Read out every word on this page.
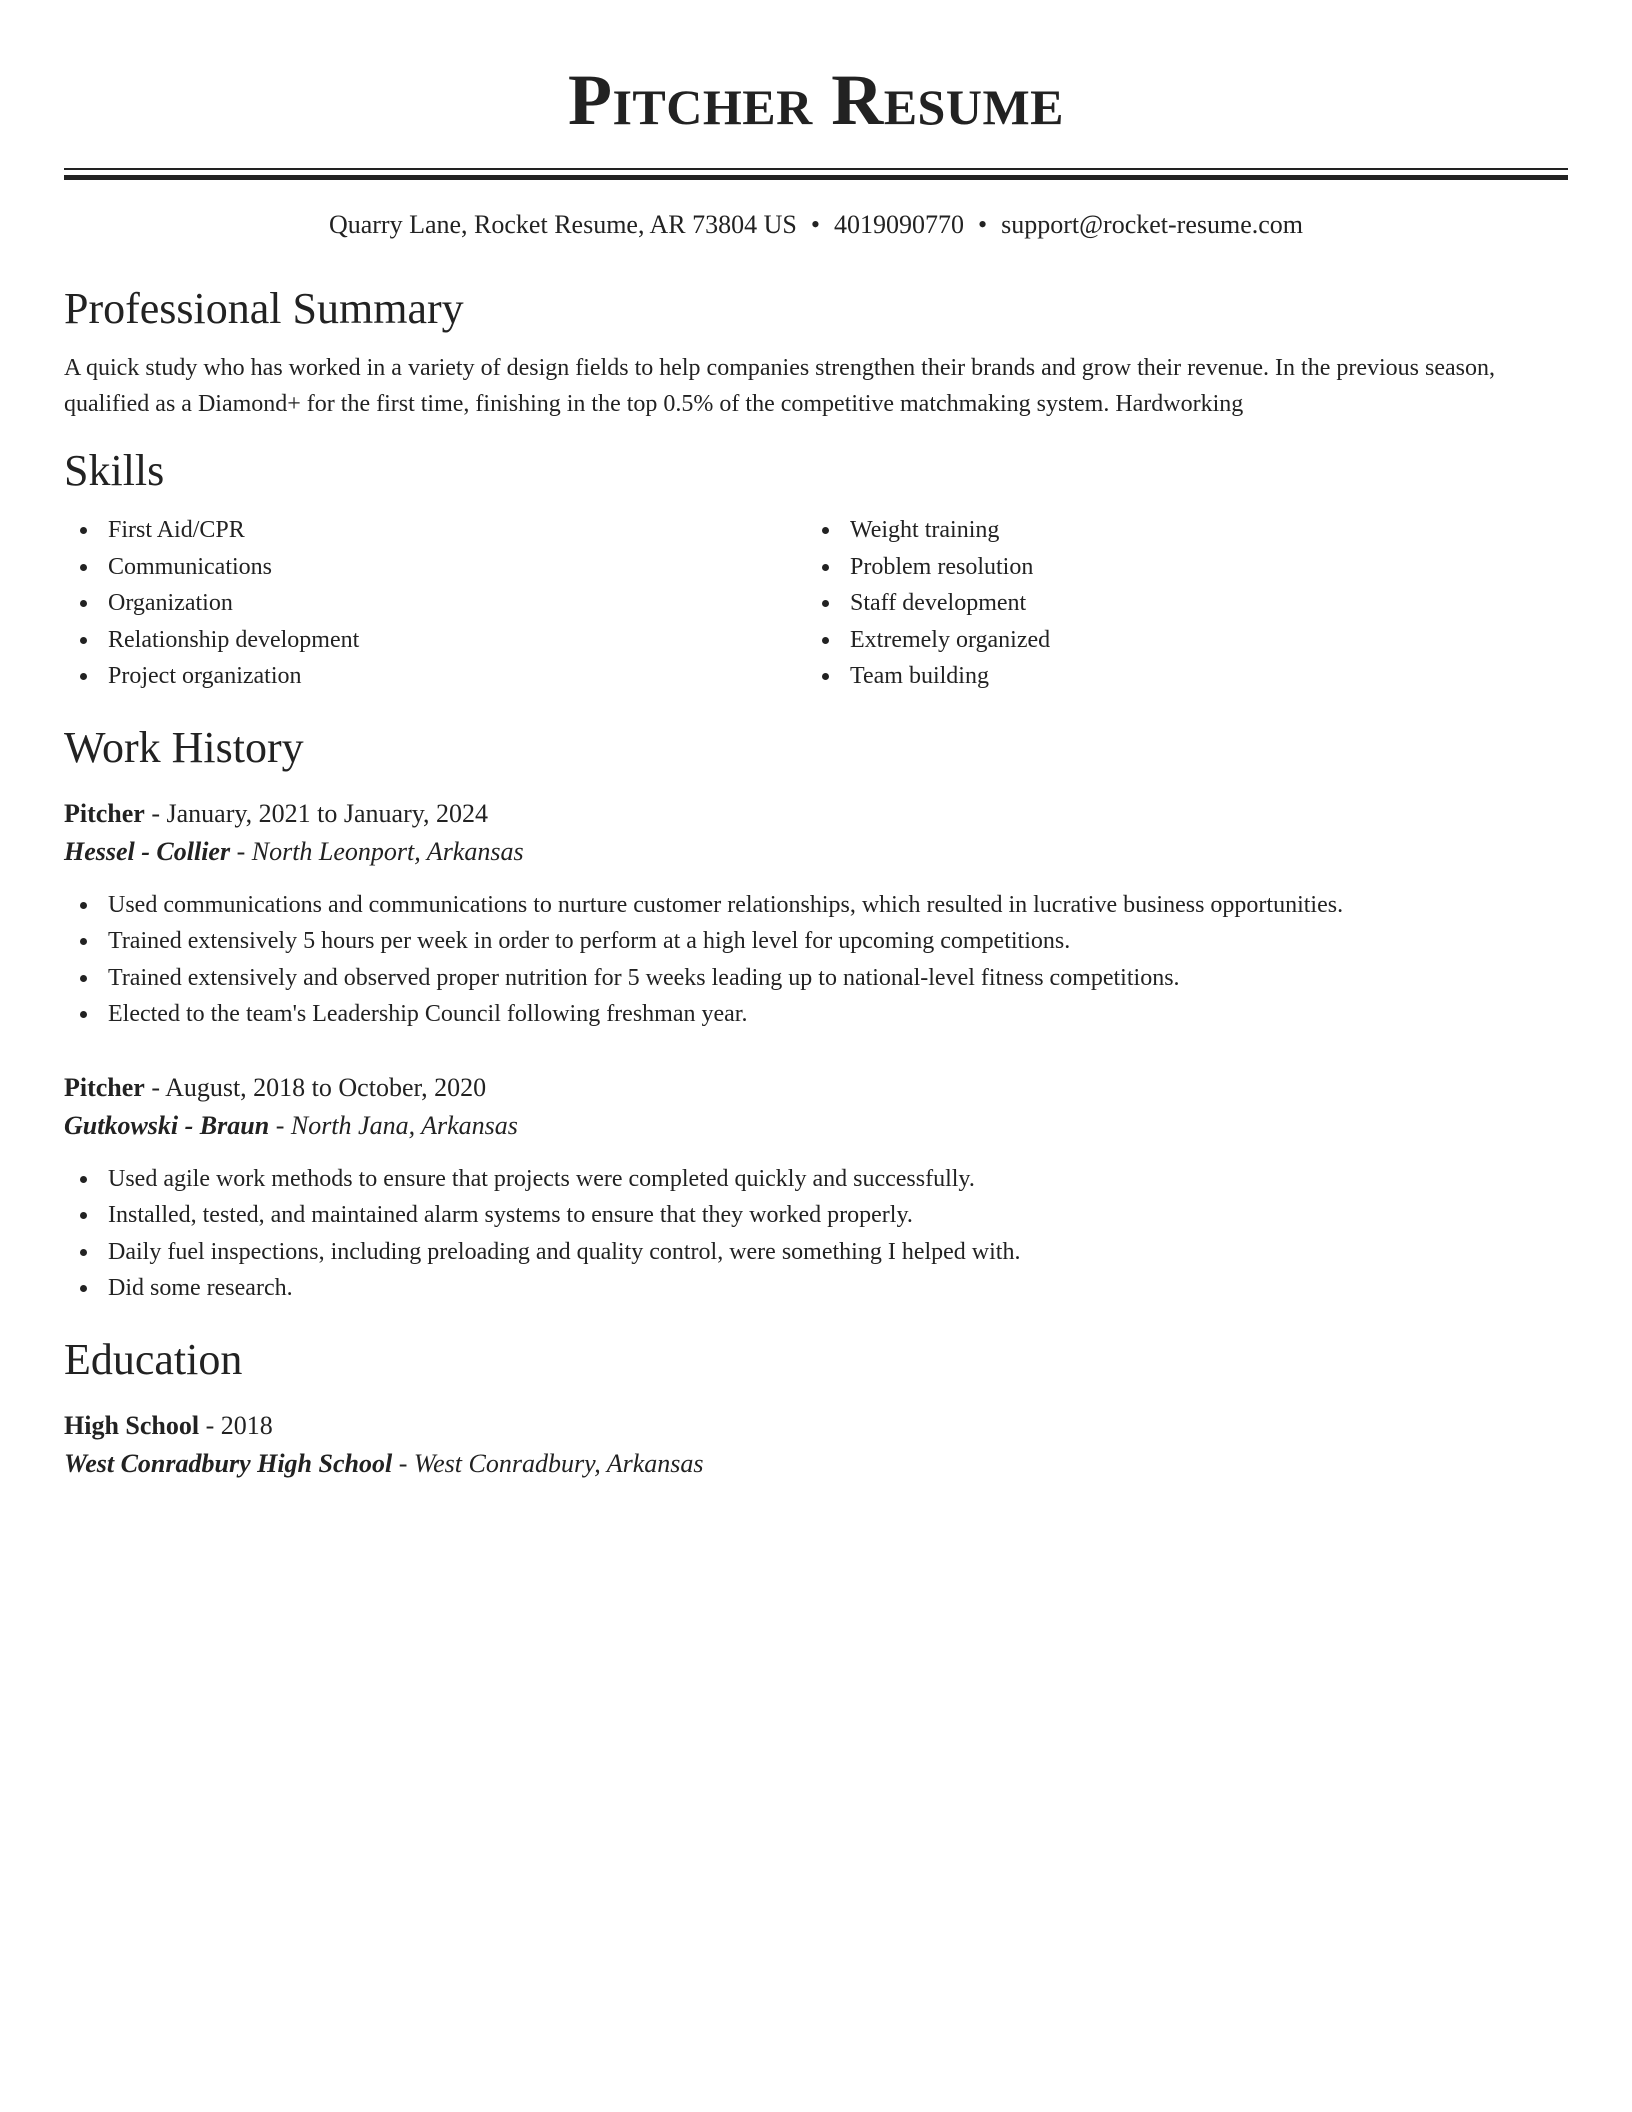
Pitcher Resume
Quarry Lane, Rocket Resume, AR 73804 US • 4019090770 • support@rocket-resume.com
Professional Summary
A quick study who has worked in a variety of design fields to help companies strengthen their brands and grow their revenue. In the previous season, qualified as a Diamond+ for the first time, finishing in the top 0.5% of the competitive matchmaking system. Hardworking
Skills
First Aid/CPR
Communications
Organization
Relationship development
Project organization
Weight training
Problem resolution
Staff development
Extremely organized
Team building
Work History
Pitcher - January, 2021 to January, 2024
Hessel - Collier - North Leonport, Arkansas
Used communications and communications to nurture customer relationships, which resulted in lucrative business opportunities.
Trained extensively 5 hours per week in order to perform at a high level for upcoming competitions.
Trained extensively and observed proper nutrition for 5 weeks leading up to national-level fitness competitions.
Elected to the team's Leadership Council following freshman year.
Pitcher - August, 2018 to October, 2020
Gutkowski - Braun - North Jana, Arkansas
Used agile work methods to ensure that projects were completed quickly and successfully.
Installed, tested, and maintained alarm systems to ensure that they worked properly.
Daily fuel inspections, including preloading and quality control, were something I helped with.
Did some research.
Education
High School - 2018
West Conradbury High School - West Conradbury, Arkansas
